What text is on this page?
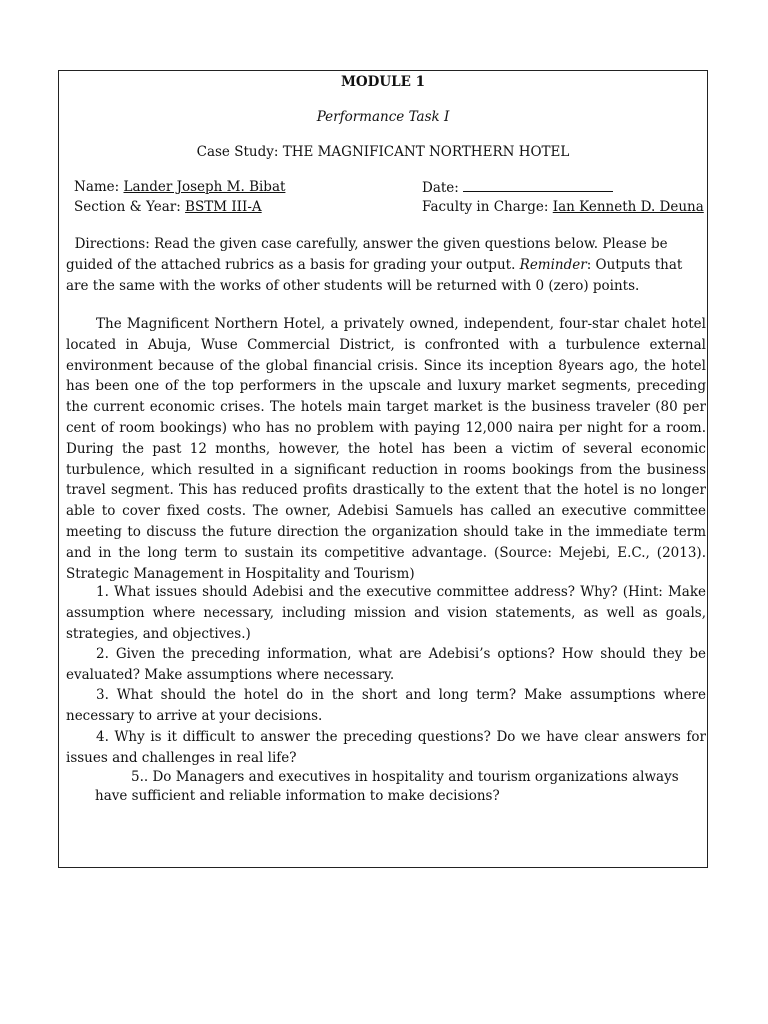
MODULE 1
Performance Task I
Case Study: THE MAGNIFICANT NORTHERN HOTEL
Name: Lander Joseph M. Bibat
Section & Year: BSTM III-A
Date:
Faculty in Charge: Ian Kenneth D. Deuna
Directions: Read the given case carefully, answer the given questions below. Please be guided of the attached rubrics as a basis for grading your output. Reminder: Outputs that are the same with the works of other students will be returned with 0 (zero) points.
The Magnificent Northern Hotel, a privately owned, independent, four-star chalet hotel located in Abuja, Wuse Commercial District, is confronted with a turbulence external environment because of the global financial crisis. Since its inception 8years ago, the hotel has been one of the top performers in the upscale and luxury market segments, preceding the current economic crises. The hotels main target market is the business traveler (80 per cent of room bookings) who has no problem with paying 12,000 naira per night for a room. During the past 12 months, however, the hotel has been a victim of several economic turbulence, which resulted in a significant reduction in rooms bookings from the business travel segment. This has reduced profits drastically to the extent that the hotel is no longer able to cover fixed costs. The owner, Adebisi Samuels has called an executive committee meeting to discuss the future direction the organization should take in the immediate term and in the long term to sustain its competitive advantage. (Source: Mejebi, E.C., (2013). Strategic Management in Hospitality and Tourism)
1. What issues should Adebisi and the executive committee address? Why? (Hint: Make assumption where necessary, including mission and vision statements, as well as goals, strategies, and objectives.)
2. Given the preceding information, what are Adebisi’s options? How should they be evaluated? Make assumptions where necessary.
3. What should the hotel do in the short and long term? Make assumptions where necessary to arrive at your decisions.
4. Why is it difficult to answer the preceding questions? Do we have clear answers for issues and challenges in real life?
5.. Do Managers and executives in hospitality and tourism organizations always have sufficient and reliable information to make decisions?
